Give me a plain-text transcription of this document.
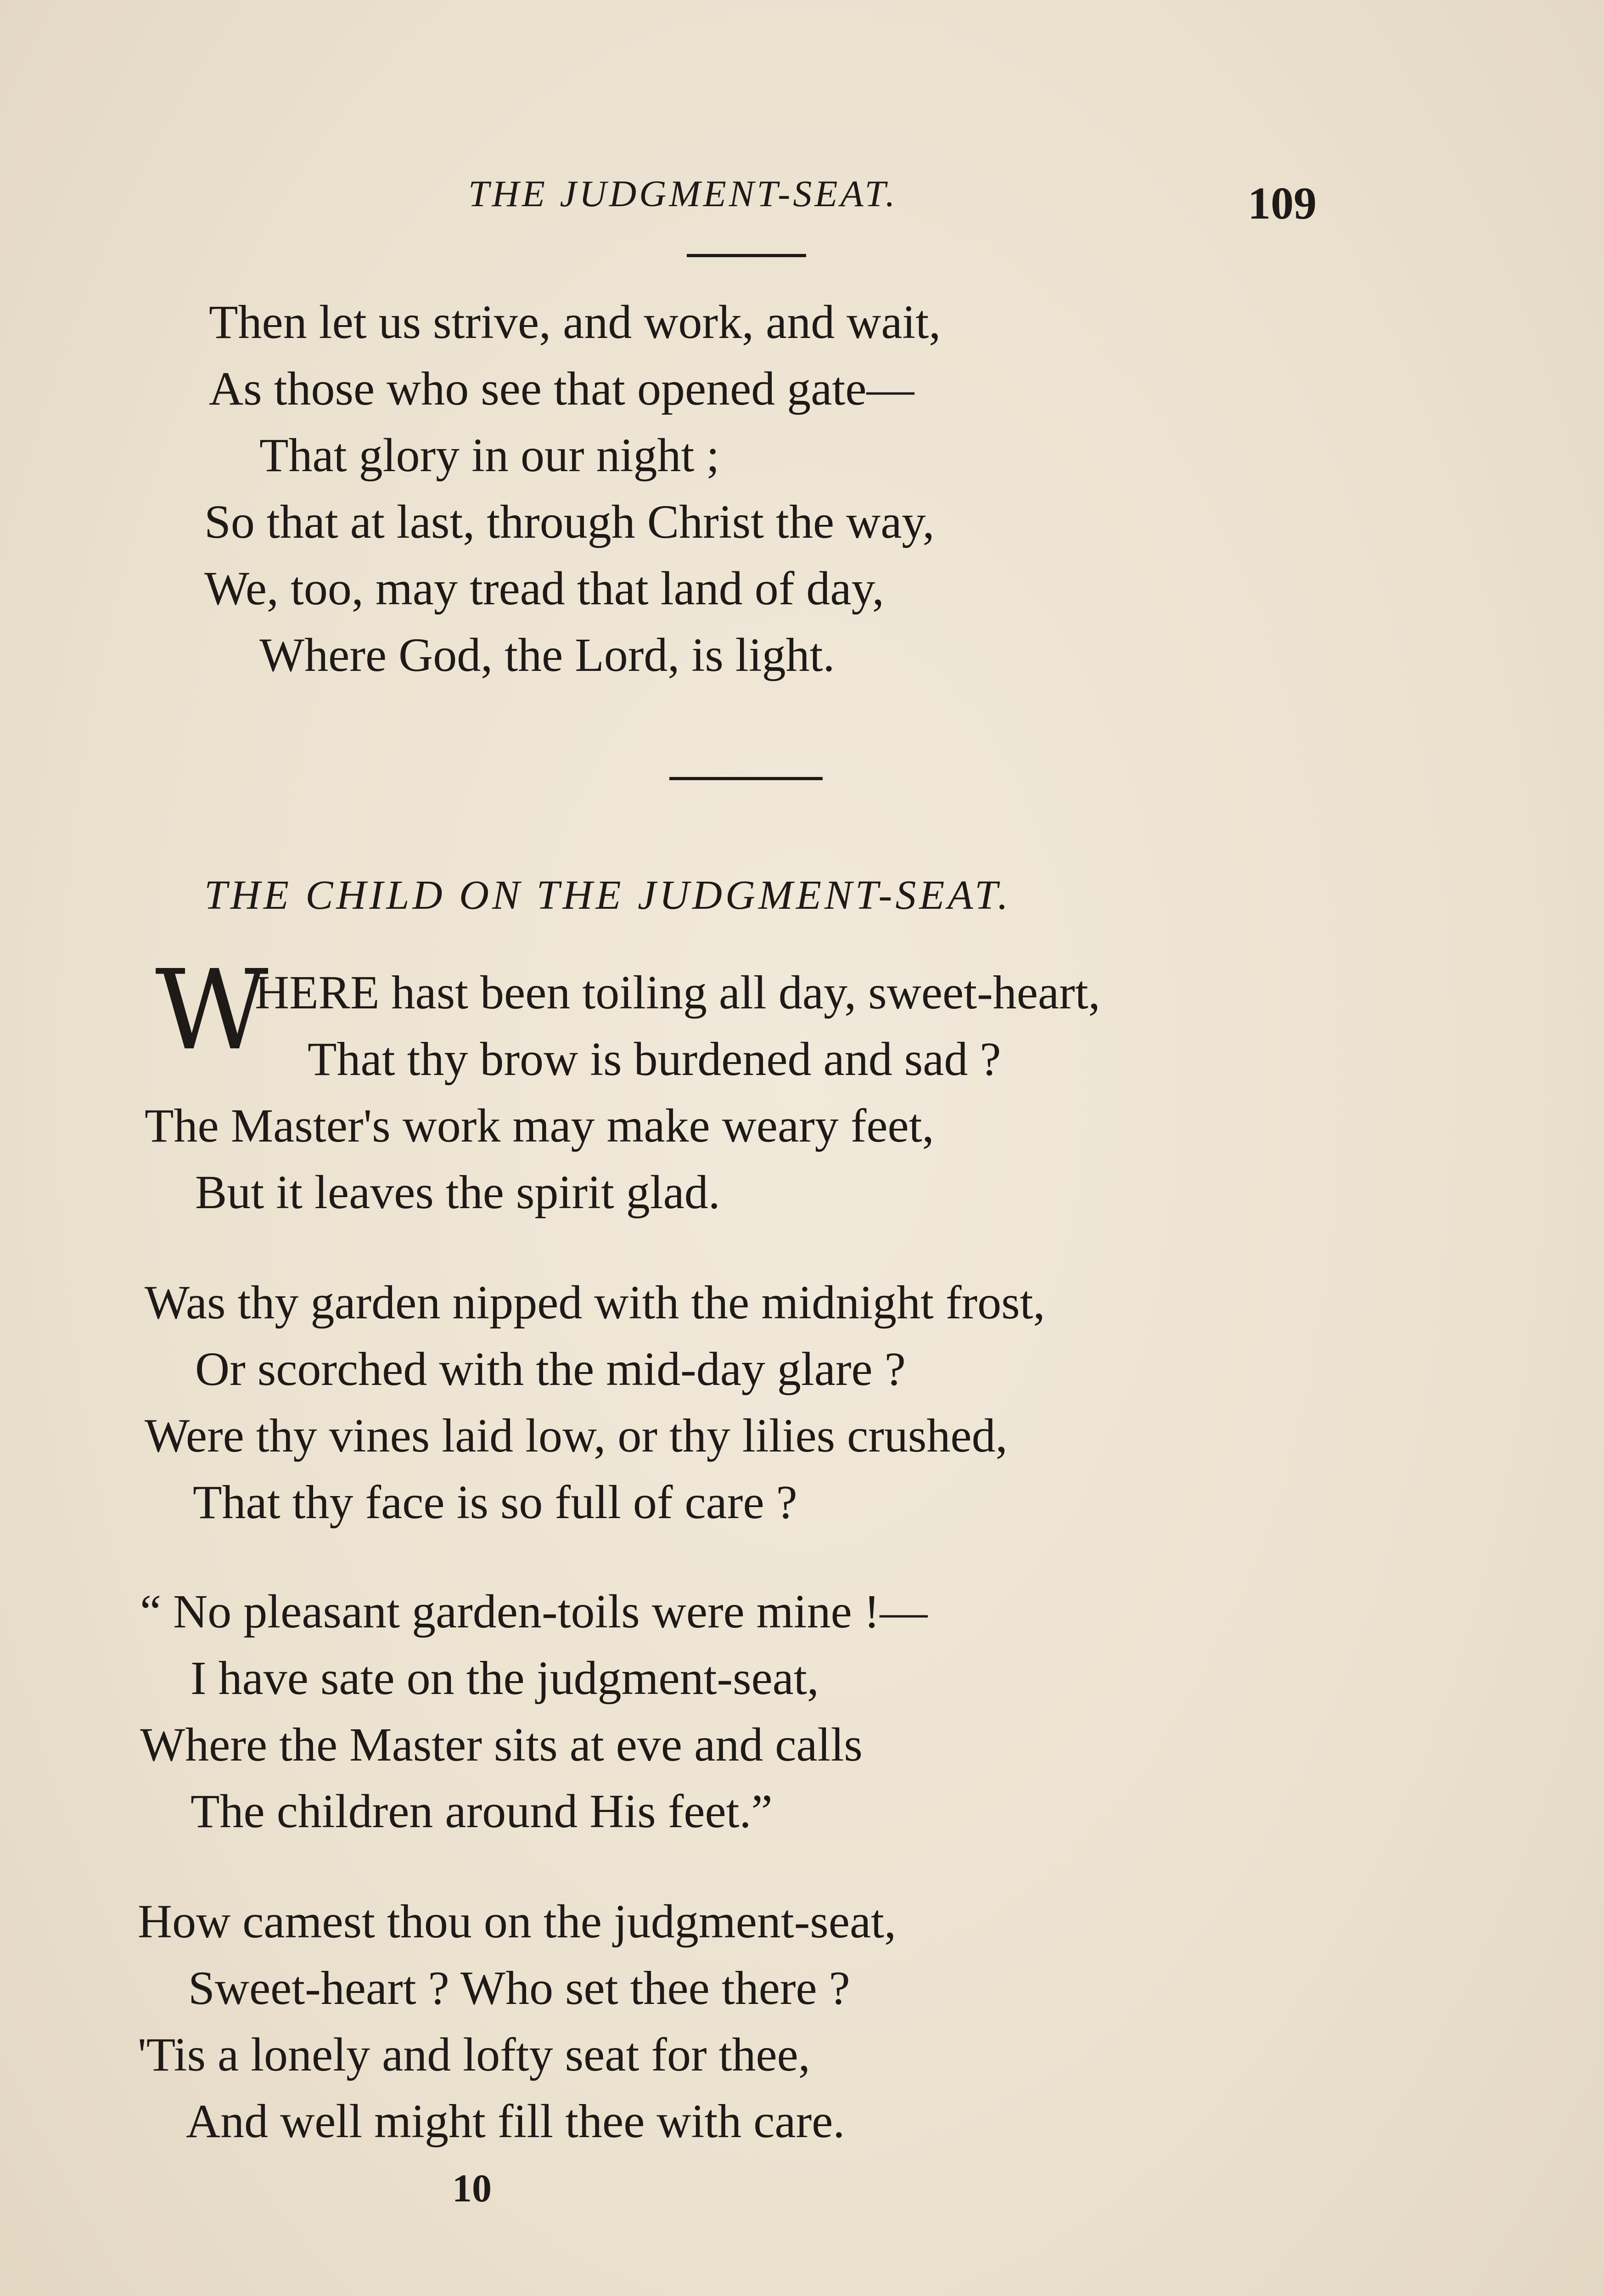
THE JUDGMENT-SEAT.	109
Then let us strive, and work, and wait,
As those who see that opened gate—
That glory in our night ;
So that at last, through Christ the way,
We, too, may tread that land of day,
Where God, the Lord, is light.
THE CHILD ON THE JUDGMENT-SEAT.
W
HERE hast been toiling all day, sweet-heart,
That thy brow is burdened and sad ?
The Master's work may make weary feet,
But it leaves the spirit glad.
Was thy garden nipped with the midnight frost,
Or scorched with the mid-day glare ?
Were thy vines laid low, or thy lilies crushed,
That thy face is so full of care ?
“ No pleasant garden-toils were mine !—
I have sate on the judgment-seat,
Where the Master sits at eve and calls
The children around His feet.”
How camest thou on the judgment-seat,
Sweet-heart ? Who set thee there ?
'Tis a lonely and lofty seat for thee,
And well might fill thee with care.
10
